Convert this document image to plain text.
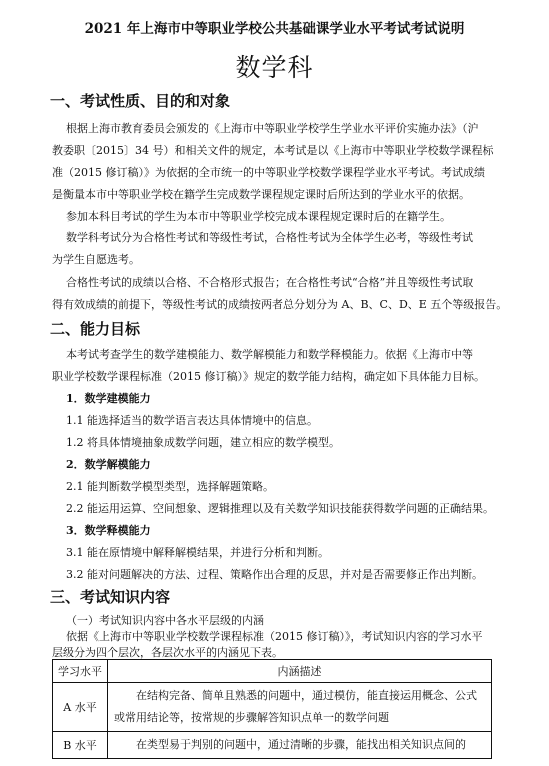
2021 年上海市中等职业学校公共基础课学业水平考试考试说明
数学科
一、考试性质、目的和对象
根据上海市教育委员会颁发的《上海市中等职业学校学生学业水平评价实施办法》（沪
教委职〔2015〕34 号）和相关文件的规定，本考试是以《上海市中等职业学校数学课程标
准（2015 修订稿）》为依据的全市统一的中等职业学校数学课程学业水平考试。考试成绩
是衡量本市中等职业学校在籍学生完成数学课程规定课时后所达到的学业水平的依据。
参加本科目考试的学生为本市中等职业学校完成本课程规定课时后的在籍学生。
数学科考试分为合格性考试和等级性考试，合格性考试为全体学生必考，等级性考试
为学生自愿选考。
合格性考试的成绩以合格、不合格形式报告；在合格性考试“合格”并且等级性考试取
得有效成绩的前提下，等级性考试的成绩按两者总分划分为 A、B、C、D、E 五个等级报告。
二、能力目标
本考试考查学生的数学建模能力、数学解模能力和数学释模能力。依据《上海市中等
职业学校数学课程标准（2015 修订稿）》规定的数学能力结构，确定如下具体能力目标。
1．数学建模能力
1.1 能选择适当的数学语言表达具体情境中的信息。
1.2 将具体情境抽象成数学问题，建立相应的数学模型。
2．数学解模能力
2.1 能判断数学模型类型，选择解题策略。
2.2 能运用运算、空间想象、逻辑推理以及有关数学知识技能获得数学问题的正确结果。
3．数学释模能力
3.1 能在原情境中解释解模结果，并进行分析和判断。
3.2 能对问题解决的方法、过程、策略作出合理的反思，并对是否需要修正作出判断。
三、考试知识内容
（一）考试知识内容中各水平层级的内涵
依据《上海市中等职业学校数学课程标准（2015 修订稿）》，考试知识内容的学习水平
层级分为四个层次，各层次水平的内涵见下表。
学习水平	内涵描述
A 水平	在结构完备、简单且熟悉的问题中，通过模仿，能直接运用概念、公式或常用结论等，按常规的步骤解答知识点单一的数学问题
B 水平	在类型易于判别的问题中，通过清晰的步骤，能找出相关知识点间的
